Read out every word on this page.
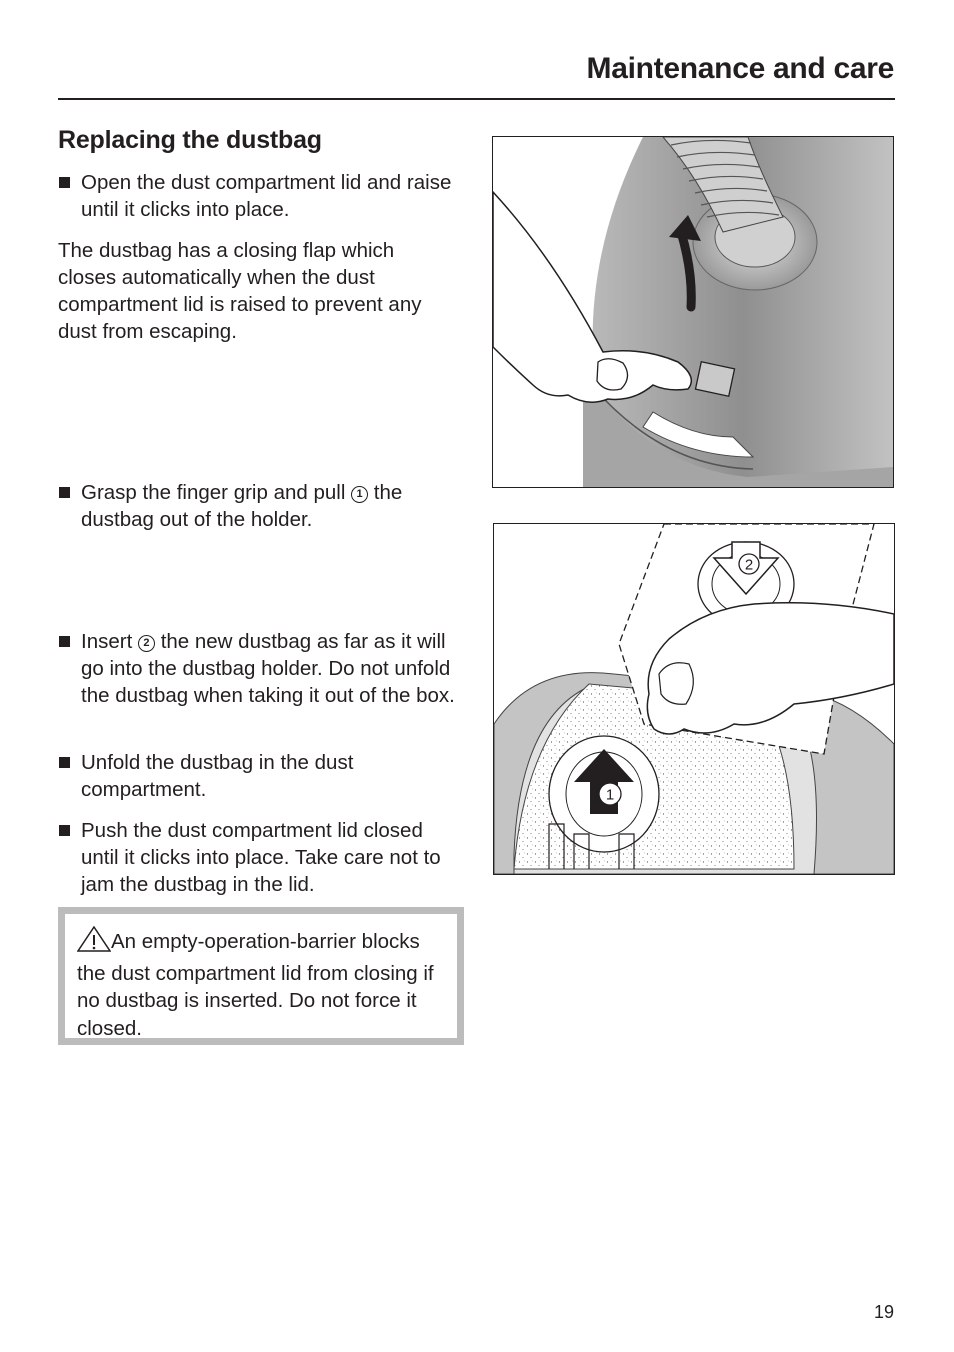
Maintenance and care
Replacing the dustbag
Open the dust compartment lid and raise until it clicks into place.
The dustbag has a closing flap which closes automatically when the dust compartment lid is raised to prevent any dust from escaping.
Grasp the finger grip and pull 1 the dustbag out of the holder.
Insert 2 the new dustbag as far as it will go into the dustbag holder. Do not unfold the dustbag when taking it out of the box.
Unfold the dustbag in the dust compartment.
Push the dust compartment lid closed until it clicks into place. Take care not to jam the dustbag in the lid.
An empty-operation-barrier blocks the dust compartment lid from closing if no dustbag is inserted. Do not force it closed.
2
1
19
